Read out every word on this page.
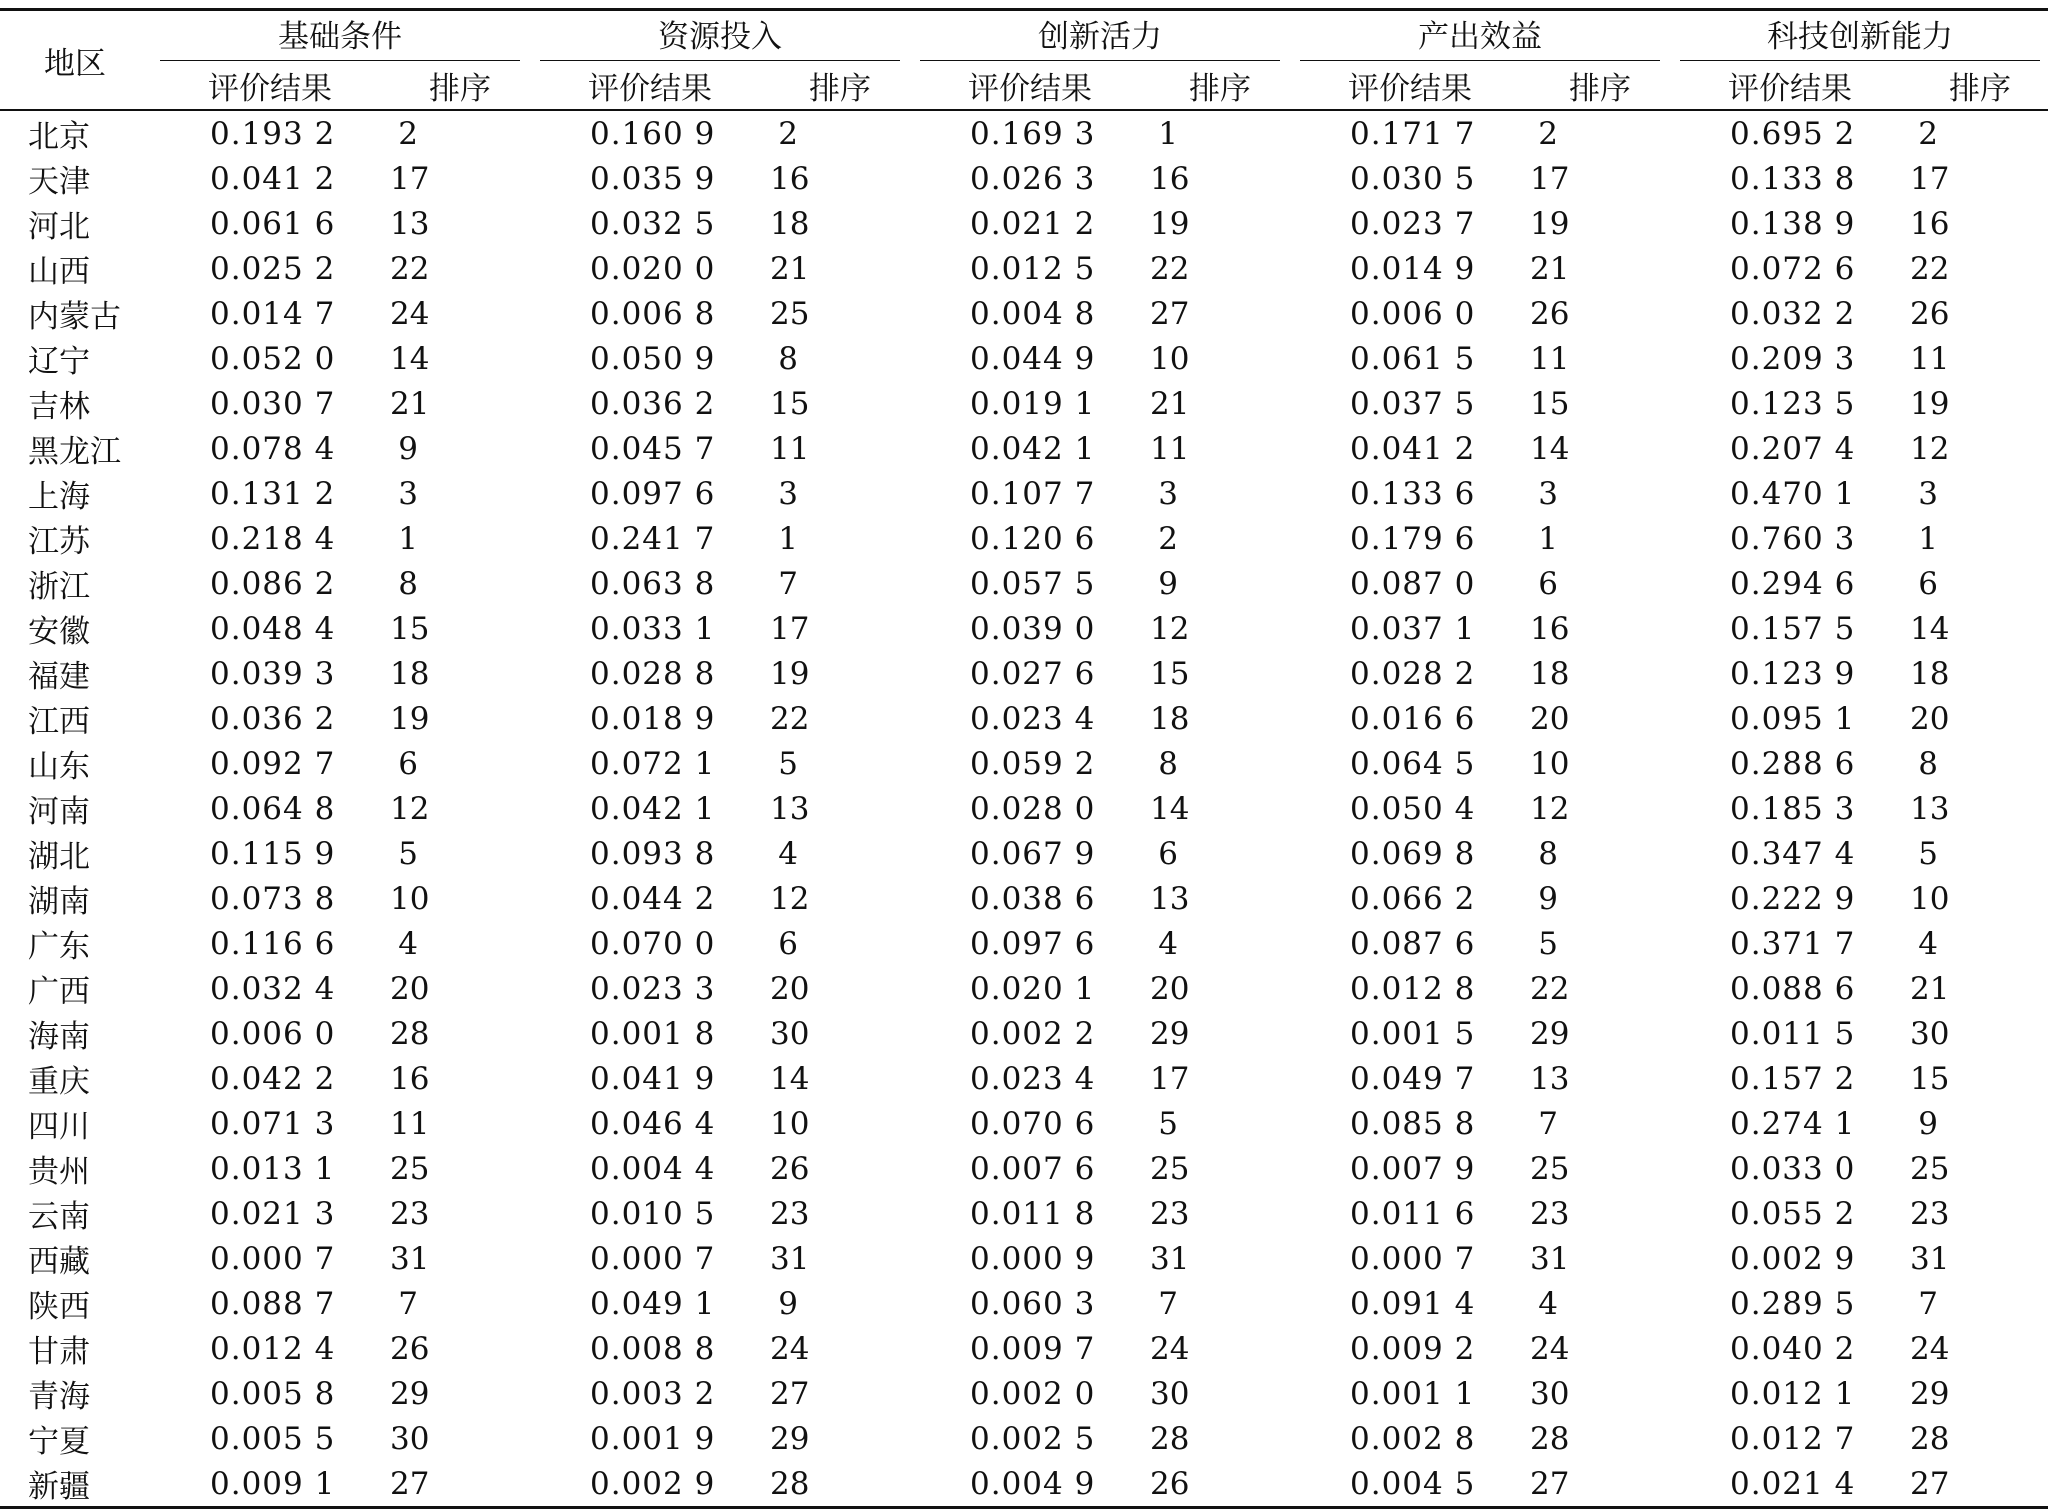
地区	基础条件		资源投入		创新活力		产出效益		科技创新能力	
	评价结果	排序	评价结果	排序	评价结果	排序	评价结果	排序	评价结果	排序
北京	0.193 2	2	0.160 9	2	0.169 3	1	0.171 7	2	0.695 2	2
天津	0.041 2	17	0.035 9	16	0.026 3	16	0.030 5	17	0.133 8	17
河北	0.061 6	13	0.032 5	18	0.021 2	19	0.023 7	19	0.138 9	16
山西	0.025 2	22	0.020 0	21	0.012 5	22	0.014 9	21	0.072 6	22
内蒙古	0.014 7	24	0.006 8	25	0.004 8	27	0.006 0	26	0.032 2	26
辽宁	0.052 0	14	0.050 9	8	0.044 9	10	0.061 5	11	0.209 3	11
吉林	0.030 7	21	0.036 2	15	0.019 1	21	0.037 5	15	0.123 5	19
黑龙江	0.078 4	9	0.045 7	11	0.042 1	11	0.041 2	14	0.207 4	12
上海	0.131 2	3	0.097 6	3	0.107 7	3	0.133 6	3	0.470 1	3
江苏	0.218 4	1	0.241 7	1	0.120 6	2	0.179 6	1	0.760 3	1
浙江	0.086 2	8	0.063 8	7	0.057 5	9	0.087 0	6	0.294 6	6
安徽	0.048 4	15	0.033 1	17	0.039 0	12	0.037 1	16	0.157 5	14
福建	0.039 3	18	0.028 8	19	0.027 6	15	0.028 2	18	0.123 9	18
江西	0.036 2	19	0.018 9	22	0.023 4	18	0.016 6	20	0.095 1	20
山东	0.092 7	6	0.072 1	5	0.059 2	8	0.064 5	10	0.288 6	8
河南	0.064 8	12	0.042 1	13	0.028 0	14	0.050 4	12	0.185 3	13
湖北	0.115 9	5	0.093 8	4	0.067 9	6	0.069 8	8	0.347 4	5
湖南	0.073 8	10	0.044 2	12	0.038 6	13	0.066 2	9	0.222 9	10
广东	0.116 6	4	0.070 0	6	0.097 6	4	0.087 6	5	0.371 7	4
广西	0.032 4	20	0.023 3	20	0.020 1	20	0.012 8	22	0.088 6	21
海南	0.006 0	28	0.001 8	30	0.002 2	29	0.001 5	29	0.011 5	30
重庆	0.042 2	16	0.041 9	14	0.023 4	17	0.049 7	13	0.157 2	15
四川	0.071 3	11	0.046 4	10	0.070 6	5	0.085 8	7	0.274 1	9
贵州	0.013 1	25	0.004 4	26	0.007 6	25	0.007 9	25	0.033 0	25
云南	0.021 3	23	0.010 5	23	0.011 8	23	0.011 6	23	0.055 2	23
西藏	0.000 7	31	0.000 7	31	0.000 9	31	0.000 7	31	0.002 9	31
陕西	0.088 7	7	0.049 1	9	0.060 3	7	0.091 4	4	0.289 5	7
甘肃	0.012 4	26	0.008 8	24	0.009 7	24	0.009 2	24	0.040 2	24
青海	0.005 8	29	0.003 2	27	0.002 0	30	0.001 1	30	0.012 1	29
宁夏	0.005 5	30	0.001 9	29	0.002 5	28	0.002 8	28	0.012 7	28
新疆	0.009 1	27	0.002 9	28	0.004 9	26	0.004 5	27	0.021 4	27
